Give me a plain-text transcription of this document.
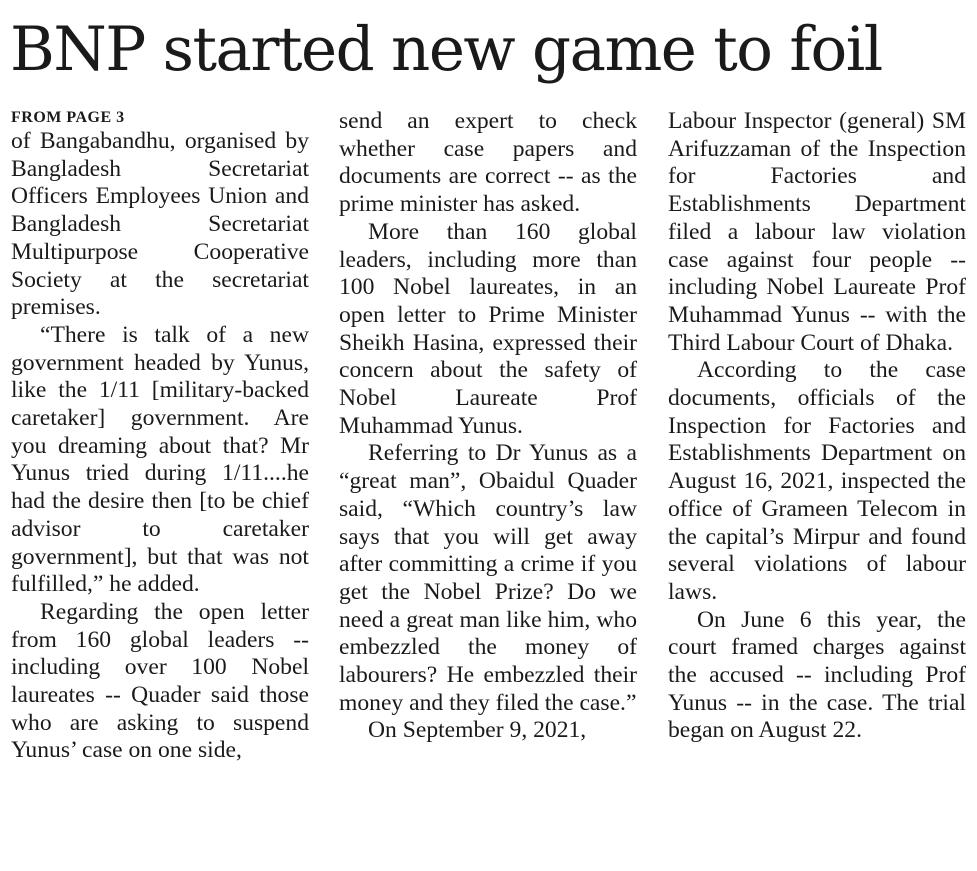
BNP started new game to foil
FROM PAGE 3

of Bangabandhu, organised by Bangladesh Secretariat Officers Employees Union and Bangladesh Secretariat Multipurpose Cooperative Society at the secretariat premises.

“There is talk of a new government headed by Yunus, like the 1/11 [military-backed caretaker] government. Are you dreaming about that? Mr Yunus tried during 1/11....he had the desire then [to be chief advisor to caretaker government], but that was not fulfilled,” he added.

Regarding the open letter from 160 global leaders -- including over 100 Nobel laureates -- Quader said those who are asking to suspend Yunus’ case on one side,

send an expert to check whether case papers and documents are correct -- as the prime minister has asked.

More than 160 global leaders, including more than 100 Nobel laureates, in an open letter to Prime Minister Sheikh Hasina, expressed their concern about the safety of Nobel Laureate Prof Muhammad Yunus.

Referring to Dr Yunus as a “great man”, Obaidul Quader said, “Which country’s law says that you will get away after committing a crime if you get the Nobel Prize? Do we need a great man like him, who embezzled the money of labourers? He embezzled their money and they filed the case.”

On September 9, 2021,

Labour Inspector (general) SM Arifuzzaman of the Inspection for Factories and Establishments Department filed a labour law violation case against four people -- including Nobel Laureate Prof Muhammad Yunus -- with the Third Labour Court of Dhaka.

According to the case documents, officials of the Inspection for Factories and Establishments Department on August 16, 2021, inspected the office of Grameen Telecom in the capital’s Mirpur and found several violations of labour laws.

On June 6 this year, the court framed charges against the accused -- including Prof Yunus -- in the case. The trial began on August 22.
